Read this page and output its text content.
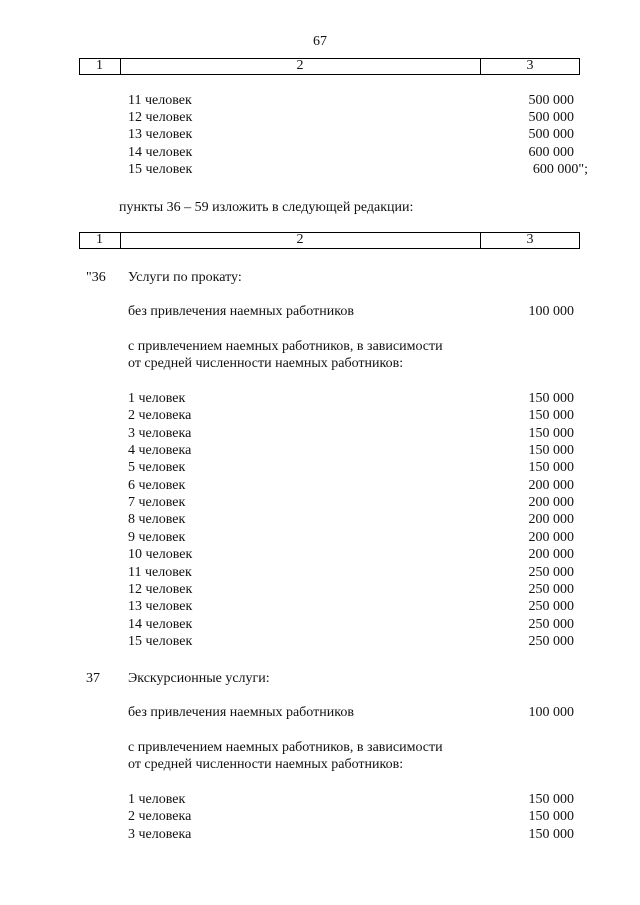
67
1	2	3
11 человек	500 000
12 человек	500 000
13 человек	500 000
14 человек	600 000
15 человек	600 000";
пункты 36 – 59 изложить в следующей редакции:
1	2	3
"36 Услуги по прокату:
без привлечения наемных работников	100 000
с привлечением наемных работников, в зависимости
от средней численности наемных работников:
1 человек	150 000
2 человека	150 000
3 человека	150 000
4 человека	150 000
5 человек	150 000
6 человек	200 000
7 человек	200 000
8 человек	200 000
9 человек	200 000
10 человек	200 000
11 человек	250 000
12 человек	250 000
13 человек	250 000
14 человек	250 000
15 человек	250 000
37 Экскурсионные услуги:
без привлечения наемных работников	100 000
с привлечением наемных работников, в зависимости
от средней численности наемных работников:
1 человек	150 000
2 человека	150 000
3 человека	150 000
